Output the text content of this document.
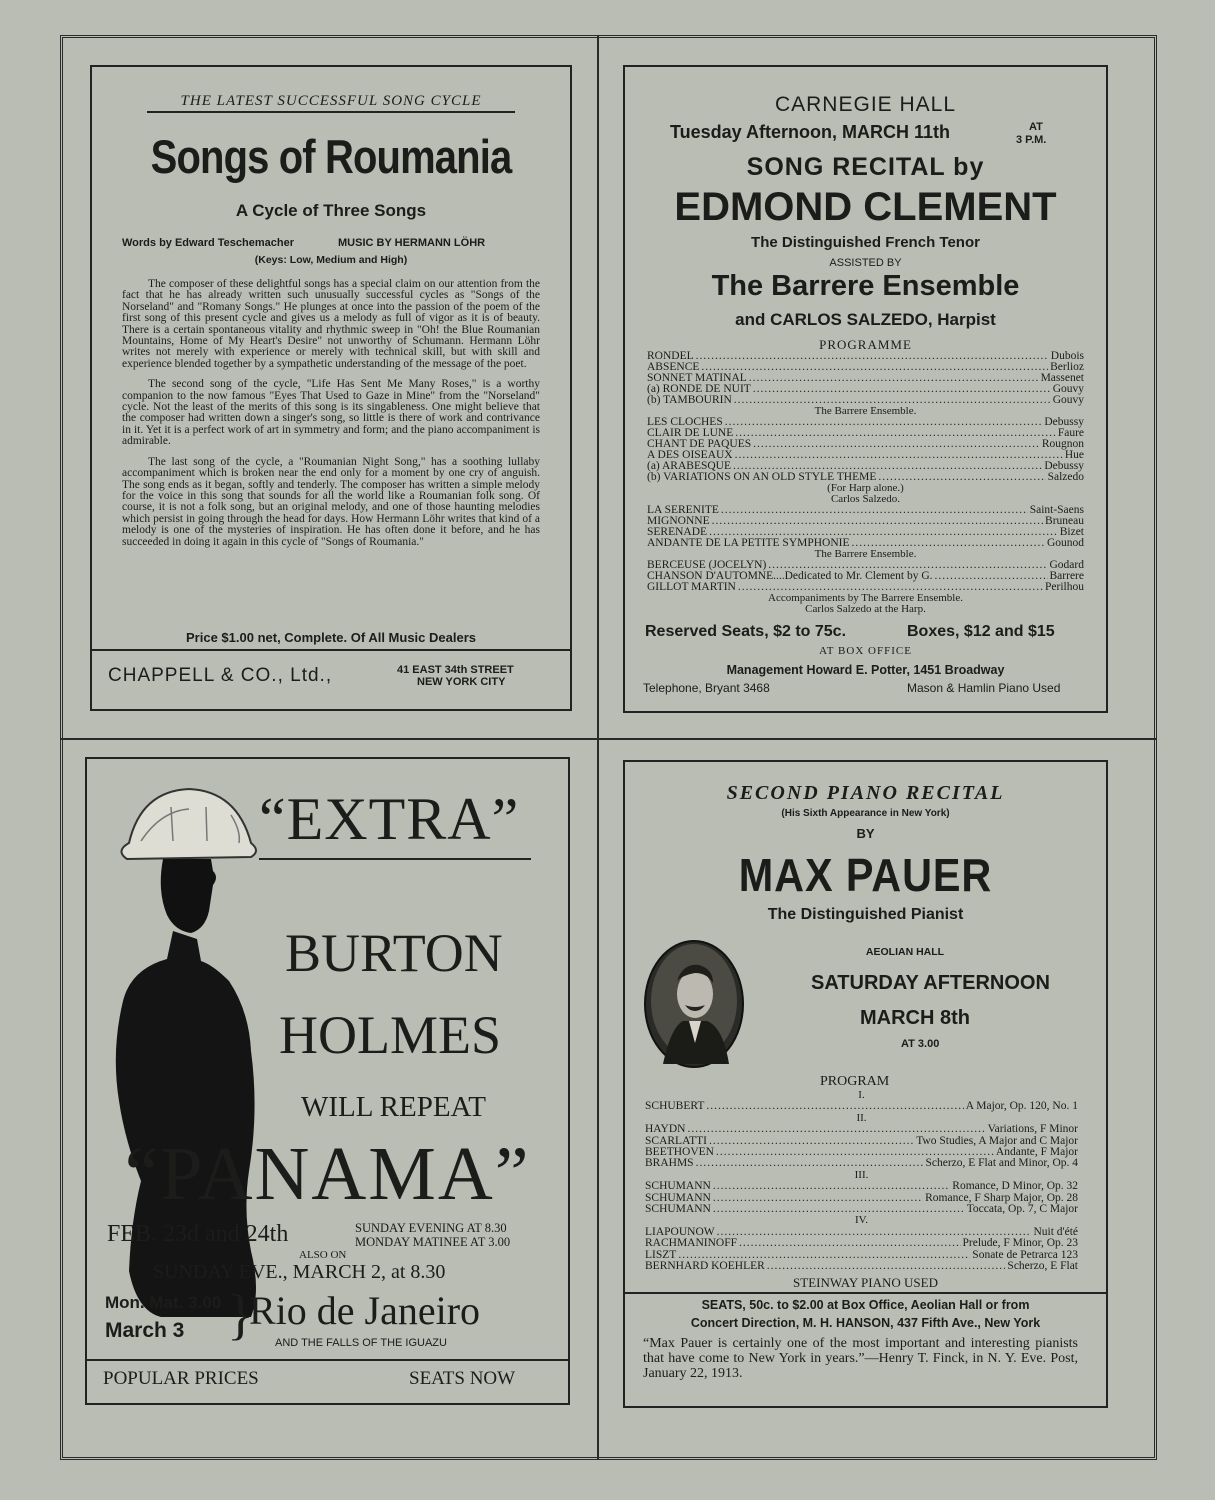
THE LATEST SUCCESSFUL SONG CYCLE
Songs of Roumania
A Cycle of Three Songs
Words by Edward Teschemacher	MUSIC BY HERMANN LÖHR
(Keys: Low, Medium and High)

The composer of these delightful songs has a special claim on our attention from the fact that he has already written such unusually successful cycles as "Songs of the Norseland" and "Romany Songs." He plunges at once into the passion of the poem of the first song of this present cycle and gives us a melody as full of vigor as it is of beauty. There is a certain spontaneous vitality and rhythmic sweep in "Oh! the Blue Roumanian Mountains, Home of My Heart's Desire" not unworthy of Schumann. Hermann Löhr writes not merely with experience or merely with technical skill, but with skill and experience blended together by a sympathetic understanding of the message of the poet.

The second song of the cycle, "Life Has Sent Me Many Roses," is a worthy companion to the now famous "Eyes That Used to Gaze in Mine" from the "Norseland" cycle. Not the least of the merits of this song is its singableness. One might believe that the composer had written down a singer's song, so little is there of work and contrivance in it. Yet it is a perfect work of art in symmetry and form; and the piano accompaniment is admirable.

The last song of the cycle, a "Roumanian Night Song," has a soothing lullaby accompaniment which is broken near the end only for a moment by one cry of anguish. The song ends as it began, softly and tenderly. The composer has written a simple melody for the voice in this song that sounds for all the world like a Roumanian folk song. Of course, it is not a folk song, but an original melody, and one of those haunting melodies which persist in going through the head for days. How Hermann Löhr writes that kind of a melody is one of the mysteries of inspiration. He has often done it before, and he has succeeded in doing it again in this cycle of "Songs of Roumania."

Price $1.00 net, Complete. Of All Music Dealers
CHAPPELL & CO., Ltd.,	41 EAST 34th STREET
NEW YORK CITY
CARNEGIE HALL
Tuesday Afternoon, MARCH 11th	AT
3 P.M.
SONG RECITAL by
EDMOND CLEMENT
The Distinguished French Tenor
ASSISTED BY
The Barrere Ensemble
and CARLOS SALZEDO, Harpist
PROGRAMME
RONDEL .....	Dubois
ABSENCE .....	Berlioz
SONNET MATINAL .....	Massenet
(a) RONDE DE NUIT .....	Gouvy
(b) TAMBOURIN .....	Gouvy
The Barrere Ensemble.
LES CLOCHES .....	Debussy
CLAIR DE LUNE .....	Faure
CHANT DE PAQUES .....	Rougnon
A DES OISEAUX .....	Hue
(a) ARABESQUE .....	Debussy
(b) VARIATIONS ON AN OLD STYLE THEME .....	Salzedo
(For Harp alone.)
Carlos Salzedo.
LA SERENITE .....	Saint-Saens
MIGNONNE .....	Bruneau
SERENADE .....	Bizet
ANDANTE DE LA PETITE SYMPHONIE .....	Gounod
The Barrere Ensemble.
BERCEUSE (JOCELYN) .....	Godard
CHANSON D'AUTOMNE....Dedicated to Mr. Clement by G. .....	Barrere
GILLOT MARTIN .....	Perilhou
Accompaniments by The Barrere Ensemble.
Carlos Salzedo at the Harp.
Reserved Seats, $2 to 75c.	Boxes, $12 and $15
AT BOX OFFICE
Management Howard E. Potter, 1451 Broadway
Telephone, Bryant 3468	Mason & Hamlin Piano Used
“EXTRA”
BURTON
HOLMES
WILL REPEAT
“PANAMA”
FEB. 23d and 24th	SUNDAY EVENING AT 8.30
MONDAY MATINEE AT 3.00
ALSO ON
SUNDAY EVE., MARCH 2, at 8.30
Mon. Mat. 3.00
March 3 }
Rio de Janeiro
AND THE FALLS OF THE IGUAZU
POPULAR PRICES	SEATS NOW
SECOND PIANO RECITAL
(His Sixth Appearance in New York)
BY
MAX PAUER
The Distinguished Pianist
AEOLIAN HALL
SATURDAY AFTERNOON
MARCH 8th
AT 3.00
PROGRAM
I.
SCHUBERT .....	A Major, Op. 120, No. 1
II.
HAYDN .....	Variations, F Minor
SCARLATTI .....	Two Studies, A Major and C Major
BEETHOVEN .....	Andante, F Major
BRAHMS .....	Scherzo, E Flat and Minor, Op. 4
III.
SCHUMANN .....	Romance, D Minor, Op. 32
SCHUMANN .....	Romance, F Sharp Major, Op. 28
SCHUMANN .....	Toccata, Op. 7, C Major
IV.
LIAPOUNOW .....	Nuit d'été
RACHMANINOFF .....	Prelude, F Minor, Op. 23
LISZT .....	Sonate de Petrarca 123
BERNHARD KOEHLER .....	Scherzo, E Flat
STEINWAY PIANO USED
SEATS, 50c. to $2.00 at Box Office, Aeolian Hall or from
Concert Direction, M. H. HANSON, 437 Fifth Ave., New York
“Max Pauer is certainly one of the most important and interesting pianists that have come to New York in years.”—Henry T. Finck, in N. Y. Eve. Post, January 22, 1913.
